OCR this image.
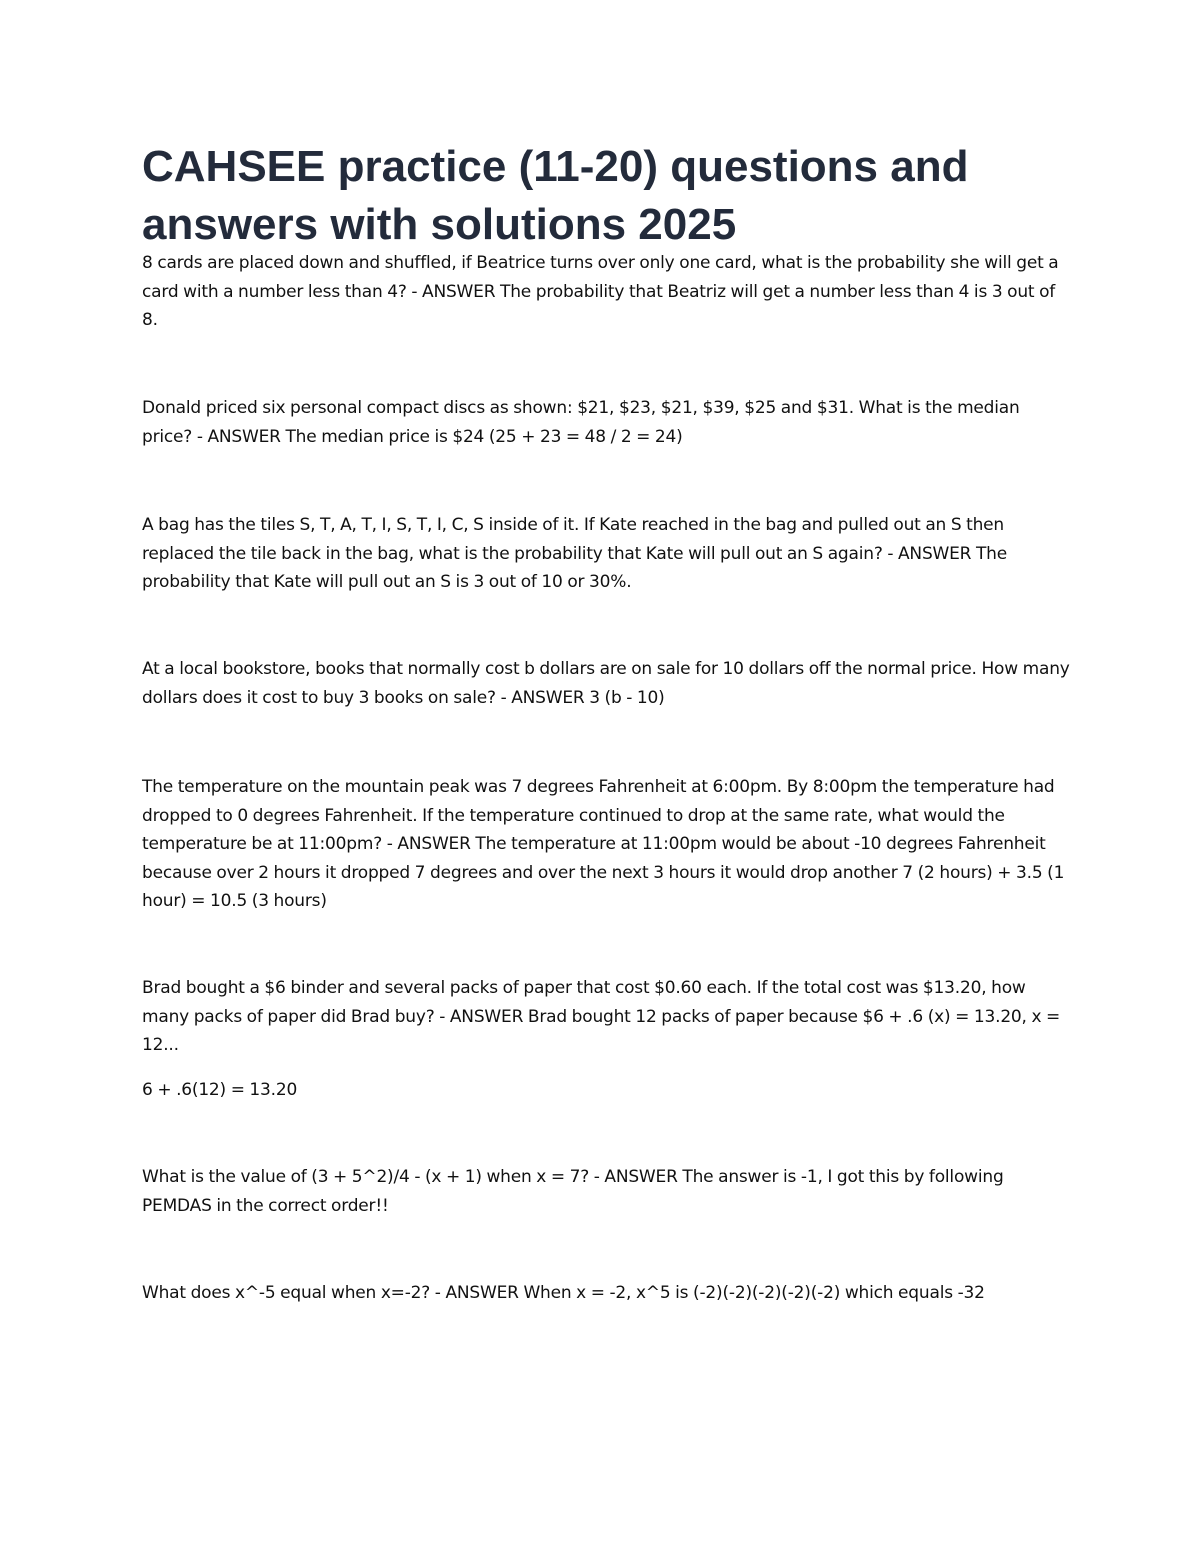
CAHSEE practice (11-20) questions and answers with solutions 2025

8 cards are placed down and shuffled, if Beatrice turns over only one card, what is the probability she will get a card with a number less than 4? - ANSWER The probability that Beatriz will get a number less than 4 is 3 out of 8.

Donald priced six personal compact discs as shown: $21, $23, $21, $39, $25 and $31. What is the median price? - ANSWER The median price is $24 (25 + 23 = 48 / 2 = 24)

A bag has the tiles S, T, A, T, I, S, T, I, C, S inside of it. If Kate reached in the bag and pulled out an S then replaced the tile back in the bag, what is the probability that Kate will pull out an S again? - ANSWER The probability that Kate will pull out an S is 3 out of 10 or 30%.

At a local bookstore, books that normally cost b dollars are on sale for 10 dollars off the normal price. How many dollars does it cost to buy 3 books on sale? - ANSWER 3 (b - 10)

The temperature on the mountain peak was 7 degrees Fahrenheit at 6:00pm. By 8:00pm the temperature had dropped to 0 degrees Fahrenheit. If the temperature continued to drop at the same rate, what would the temperature be at 11:00pm? - ANSWER The temperature at 11:00pm would be about -10 degrees Fahrenheit because over 2 hours it dropped 7 degrees and over the next 3 hours it would drop another 7 (2 hours) + 3.5 (1 hour) = 10.5 (3 hours)

Brad bought a $6 binder and several packs of paper that cost $0.60 each. If the total cost was $13.20, how many packs of paper did Brad buy? - ANSWER Brad bought 12 packs of paper because $6 + .6 (x) = 13.20, x = 12...

6 + .6(12) = 13.20

What is the value of (3 + 5^2)/4 - (x + 1) when x = 7? - ANSWER The answer is -1, I got this by following PEMDAS in the correct order!!

What does x^-5 equal when x=-2? - ANSWER When x = -2, x^5 is (-2)(-2)(-2)(-2)(-2) which equals -32
